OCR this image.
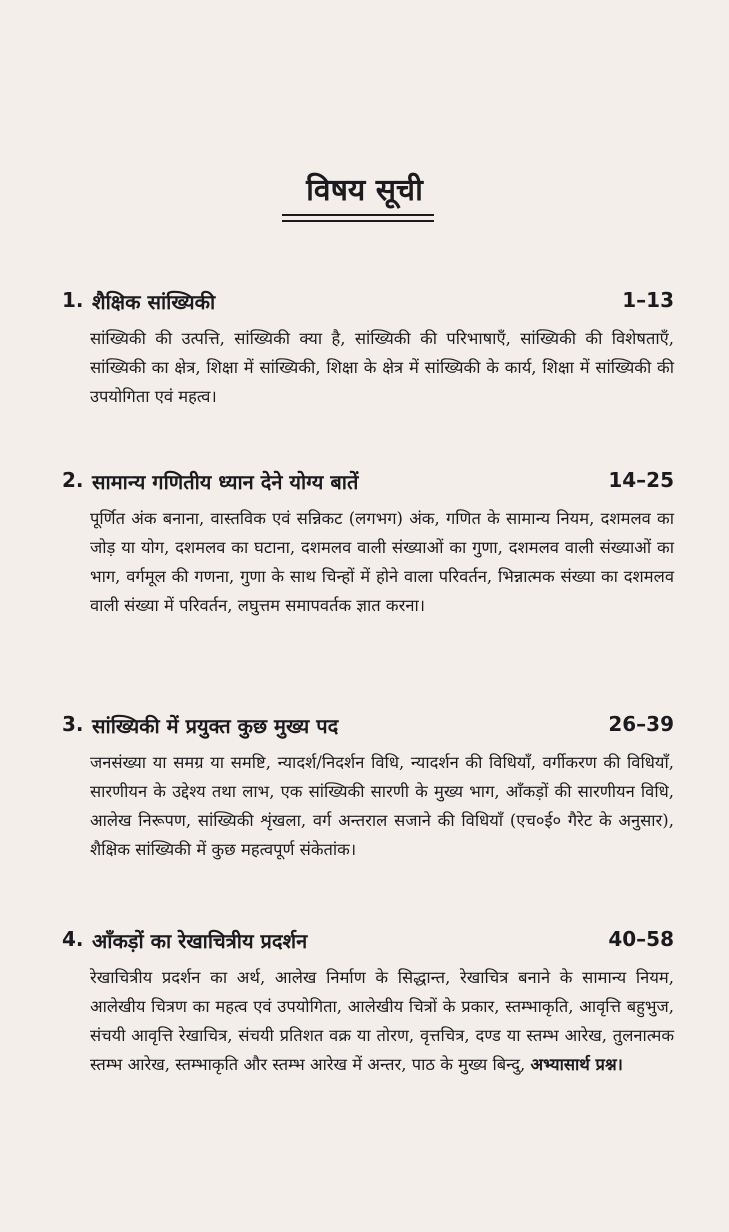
विषय सूची
1. शैक्षिक सांख्यिकी	1–13
सांख्यिकी की उत्पत्ति, सांख्यिकी क्या है, सांख्यिकी की परिभाषाएँ, सांख्यिकी की विशेषताएँ, सांख्यिकी का क्षेत्र, शिक्षा में सांख्यिकी, शिक्षा के क्षेत्र में सांख्यिकी के कार्य, शिक्षा में सांख्यिकी की उपयोगिता एवं महत्व।
2. सामान्य गणितीय ध्यान देने योग्य बातें	14–25
पूर्णित अंक बनाना, वास्तविक एवं सन्निकट (लगभग) अंक, गणित के सामान्य नियम, दशमलव का जोड़ या योग, दशमलव का घटाना, दशमलव वाली संख्याओं का गुणा, दशमलव वाली संख्याओं का भाग, वर्गमूल की गणना, गुणा के साथ चिन्हों में होने वाला परिवर्तन, भिन्नात्मक संख्या का दशमलव वाली संख्या में परिवर्तन, लघुत्तम समापवर्तक ज्ञात करना।
3. सांख्यिकी में प्रयुक्त कुछ मुख्य पद	26–39
जनसंख्या या समग्र या समष्टि, न्यादर्श/निदर्शन विधि, न्यादर्शन की विधियाँ, वर्गीकरण की विधियाँ, सारणीयन के उद्देश्य तथा लाभ, एक सांख्यिकी सारणी के मुख्य भाग, आँकड़ों की सारणीयन विधि, आलेख निरूपण, सांख्यिकी शृंखला, वर्ग अन्तराल सजाने की विधियाँ (एच०ई० गैरेट के अनुसार), शैक्षिक सांख्यिकी में कुछ महत्वपूर्ण संकेतांक।
4. आँकड़ों का रेखाचित्रीय प्रदर्शन	40–58
रेखाचित्रीय प्रदर्शन का अर्थ, आलेख निर्माण के सिद्धान्त, रेखाचित्र बनाने के सामान्य नियम, आलेखीय चित्रण का महत्व एवं उपयोगिता, आलेखीय चित्रों के प्रकार, स्तम्भाकृति, आवृत्ति बहुभुज, संचयी आवृत्ति रेखाचित्र, संचयी प्रतिशत वक्र या तोरण, वृत्तचित्र, दण्ड या स्तम्भ आरेख, तुलनात्मक स्तम्भ आरेख, स्तम्भाकृति और स्तम्भ आरेख में अन्तर, पाठ के मुख्य बिन्दु, अभ्यासार्थ प्रश्न।
